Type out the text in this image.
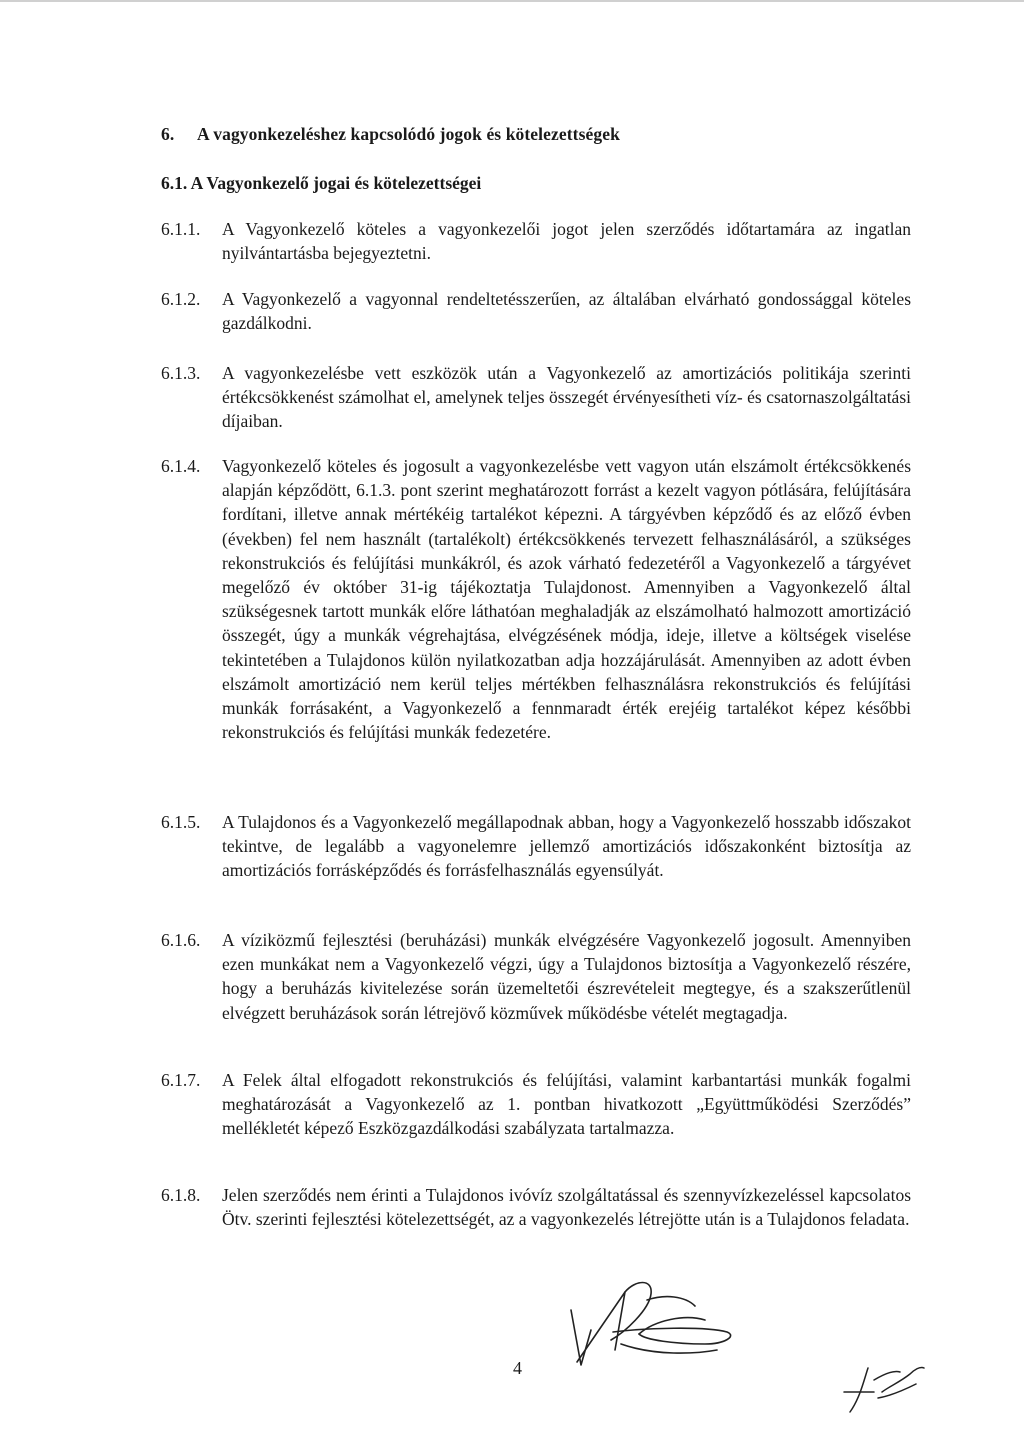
6. A vagyonkezeléshez kapcsolódó jogok és kötelezettségek
6.1. A Vagyonkezelő jogai és kötelezettségei
6.1.1. A Vagyonkezelő köteles a vagyonkezelői jogot jelen szerződés időtartamára az ingatlan nyilvántartásba bejegyeztetni.
6.1.2. A Vagyonkezelő a vagyonnal rendeltetésszerűen, az általában elvárható gondossággal köteles gazdálkodni.
6.1.3. A vagyonkezelésbe vett eszközök után a Vagyonkezelő az amortizációs politikája szerinti értékcsökkenést számolhat el, amelynek teljes összegét érvényesítheti víz- és csatornaszolgáltatási díjaiban.
6.1.4. Vagyonkezelő köteles és jogosult a vagyonkezelésbe vett vagyon után elszámolt értékcsökkenés alapján képződött, 6.1.3. pont szerint meghatározott forrást a kezelt vagyon pótlására, felújítására fordítani, illetve annak mértékéig tartalékot képezni. A tárgyévben képződő és az előző évben (években) fel nem használt (tartalékolt) értékcsökkenés tervezett felhasználásáról, a szükséges rekonstrukciós és felújítási munkákról, és azok várható fedezetéről a Vagyonkezelő a tárgyévet megelőző év október 31-ig tájékoztatja Tulajdonost. Amennyiben a Vagyonkezelő által szükségesnek tartott munkák előre láthatóan meghaladják az elszámolható halmozott amortizáció összegét, úgy a munkák végrehajtása, elvégzésének módja, ideje, illetve a költségek viselése tekintetében a Tulajdonos külön nyilatkozatban adja hozzájárulását. Amennyiben az adott évben elszámolt amortizáció nem kerül teljes mértékben felhasználásra rekonstrukciós és felújítási munkák forrásaként, a Vagyonkezelő a fennmaradt érték erejéig tartalékot képez későbbi rekonstrukciós és felújítási munkák fedezetére.
6.1.5. A Tulajdonos és a Vagyonkezelő megállapodnak abban, hogy a Vagyonkezelő hosszabb időszakot tekintve, de legalább a vagyonelemre jellemző amortizációs időszakonként biztosítja az amortizációs forrásképződés és forrásfelhasználás egyensúlyát.
6.1.6. A víziközmű fejlesztési (beruházási) munkák elvégzésére Vagyonkezelő jogosult. Amennyiben ezen munkákat nem a Vagyonkezelő végzi, úgy a Tulajdonos biztosítja a Vagyonkezelő részére, hogy a beruházás kivitelezése során üzemeltetői észrevételeit megtegye, és a szakszerűtlenül elvégzett beruházások során létrejövő közművek működésbe vételét megtagadja.
6.1.7. A Felek által elfogadott rekonstrukciós és felújítási, valamint karbantartási munkák fogalmi meghatározását a Vagyonkezelő az 1. pontban hivatkozott „Együttműködési Szerződés” mellékletét képező Eszközgazdálkodási szabályzata tartalmazza.
6.1.8. Jelen szerződés nem érinti a Tulajdonos ivóvíz szolgáltatással és szennyvízkezeléssel kapcsolatos Ötv. szerinti fejlesztési kötelezettségét, az a vagyonkezelés létrejötte után is a Tulajdonos feladata.
4
